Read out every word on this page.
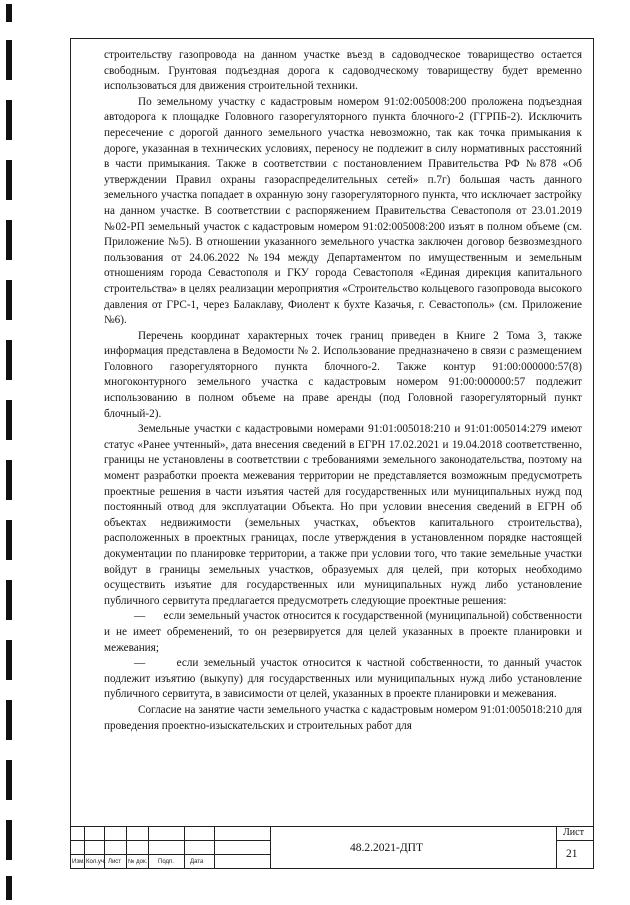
строительству газопровода на данном участке въезд в садоводческое товарищество остается свободным. Грунтовая подъездная дорога к садоводческому товариществу будет временно использоваться для движения строительной техники.

По земельному участку с кадастровым номером 91:02:005008:200 проложена подъездная автодорога к площадке Головного газорегуляторного пункта блочного-2 (ГГРПБ-2). Исключить пересечение с дорогой данного земельного участка невозможно, так как точка примыкания к дороге, указанная в технических условиях, переносу не подлежит в силу нормативных расстояний в части примыкания. Также в соответствии с постановлением Правительства РФ №878 «Об утверждении Правил охраны газораспределительных сетей» п.7г) большая часть данного земельного участка попадает в охранную зону газорегуляторного пункта, что исключает застройку на данном участке. В соответствии с распоряжением Правительства Севастополя от 23.01.2019 №02-РП земельный участок с кадастровым номером 91:02:005008:200 изъят в полном объеме (см. Приложение №5). В отношении указанного земельного участка заключен договор безвозмездного пользования от 24.06.2022 №194 между Департаментом по имущественным и земельным отношениям города Севастополя и ГКУ города Севастополя «Единая дирекция капитального строительства» в целях реализации мероприятия «Строительство кольцевого газопровода высокого давления от ГРС-1, через Балаклаву, Фиолент к бухте Казачья, г. Севастополь» (см. Приложение №6).

Перечень координат характерных точек границ приведен в Книге 2 Тома 3, также информация представлена в Ведомости № 2. Использование предназначено в связи с размещением Головного газорегуляторного пункта блочного-2. Также контур 91:00:000000:57(8) многоконтурного земельного участка с кадастровым номером 91:00:000000:57 подлежит использованию в полном объеме на праве аренды (под Головной газорегуляторный пункт блочный-2).

Земельные участки с кадастровыми номерами 91:01:005018:210 и 91:01:005014:279 имеют статус «Ранее учтенный», дата внесения сведений в ЕГРН 17.02.2021 и 19.04.2018 соответственно, границы не установлены в соответствии с требованиями земельного законодательства, поэтому на момент разработки проекта межевания территории не представляется возможным предусмотреть проектные решения в части изъятия частей для государственных или муниципальных нужд под постоянный отвод для эксплуатации Объекта. Но при условии внесения сведений в ЕГРН об объектах недвижимости (земельных участках, объектов капитального строительства), расположенных в проектных границах, после утверждения в установленном порядке настоящей документации по планировке территории, а также при условии того, что такие земельные участки войдут в границы земельных участков, образуемых для целей, при которых необходимо осуществить изъятие для государственных или муниципальных нужд либо установление публичного сервитута предлагается предусмотреть следующие проектные решения:

—      если земельный участок относится к государственной (муниципальной) собственности и не имеет обременений, то он резервируется для целей указанных в проекте планировки и межевания;

—      если земельный участок относится к частной собственности, то данный участок подлежит изъятию (выкупу) для государственных или муниципальных нужд либо установление публичного сервитута, в зависимости от целей, указанных в проекте планировки и межевания.

Согласие на занятие части земельного участка с кадастровым номером 91:01:005018:210 для проведения проектно-изыскательских и строительных работ для

Изм. Кол.уч. Лист № док. Подп.	Дата
48.2.2021-ДПТ
Лист
21
